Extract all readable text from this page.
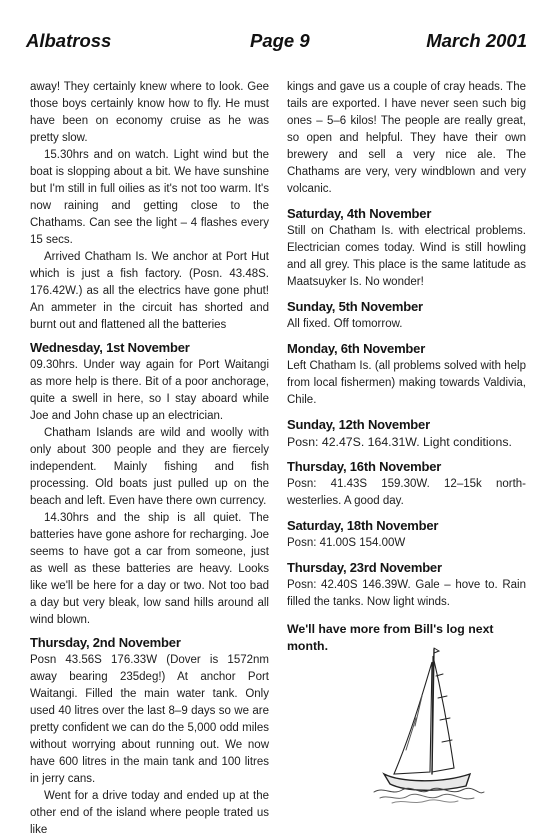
Albatross	Page 9	March 2001

away! They certainly knew where to look. Gee those boys certainly know how to fly. He must have been on economy cruise as he was pretty slow.

15.30hrs and on watch. Light wind but the boat is slopping about a bit. We have sunshine but I'm still in full oilies as it's not too warm. It's now raining and getting close to the Chathams. Can see the light – 4 flashes every 15 secs.

Arrived Chatham Is. We anchor at Port Hut which is just a fish factory. (Posn. 43.48S. 176.42W.) as all the electrics have gone phut! An ammeter in the circuit has shorted and burnt out and flattened all the batteries

Wednesday, 1st November

09.30hrs. Under way again for Port Waitangi as more help is there. Bit of a poor anchorage, quite a swell in here, so I stay aboard while Joe and John chase up an electrician.

Chatham Islands are wild and woolly with only about 300 people and they are fiercely independent. Mainly fishing and fish processing. Old boats just pulled up on the beach and left. Even have there own currency.

14.30hrs and the ship is all quiet. The batteries have gone ashore for recharging. Joe seems to have got a car from someone, just as well as these batteries are heavy. Looks like we'll be here for a day or two. Not too bad a day but very bleak, low sand hills around all wind blown.

Thursday, 2nd November

Posn 43.56S 176.33W (Dover is 1572nm away bearing 235deg!) At anchor Port Waitangi. Filled the main water tank. Only used 40 litres over the last 8–9 days so we are pretty confident we can do the 5,000 odd miles without worrying about running out. We now have 600 litres in the main tank and 100 litres in jerry cans.

Went for a drive today and ended up at the other end of the island where people trated us like

kings and gave us a couple of cray heads. The tails are exported. I have never seen such big ones – 5–6 kilos! The people are really great, so open and helpful. They have their own brewery and sell a very nice ale. The Chathams are very, very windblown and very volcanic.

Saturday, 4th November

Still on Chatham Is. with electrical problems. Electrician comes today. Wind is still howling and all grey. This place is the same latitude as Maatsuyker Is. No wonder!

Sunday, 5th November

All fixed. Off tomorrow.

Monday, 6th November

Left Chatham Is. (all problems solved with help from local fishermen) making towards Valdivia, Chile.

Sunday, 12th November

Posn: 42.47S. 164.31W. Light conditions.

Thursday, 16th November

Posn: 41.43S 159.30W. 12–15k north-westerlies. A good day.

Saturday, 18th November

Posn: 41.00S 154.00W

Thursday, 23rd November

Posn: 42.40S 146.39W. Gale – hove to. Rain filled the tanks. Now light winds.

We'll have more from Bill's log next month.
